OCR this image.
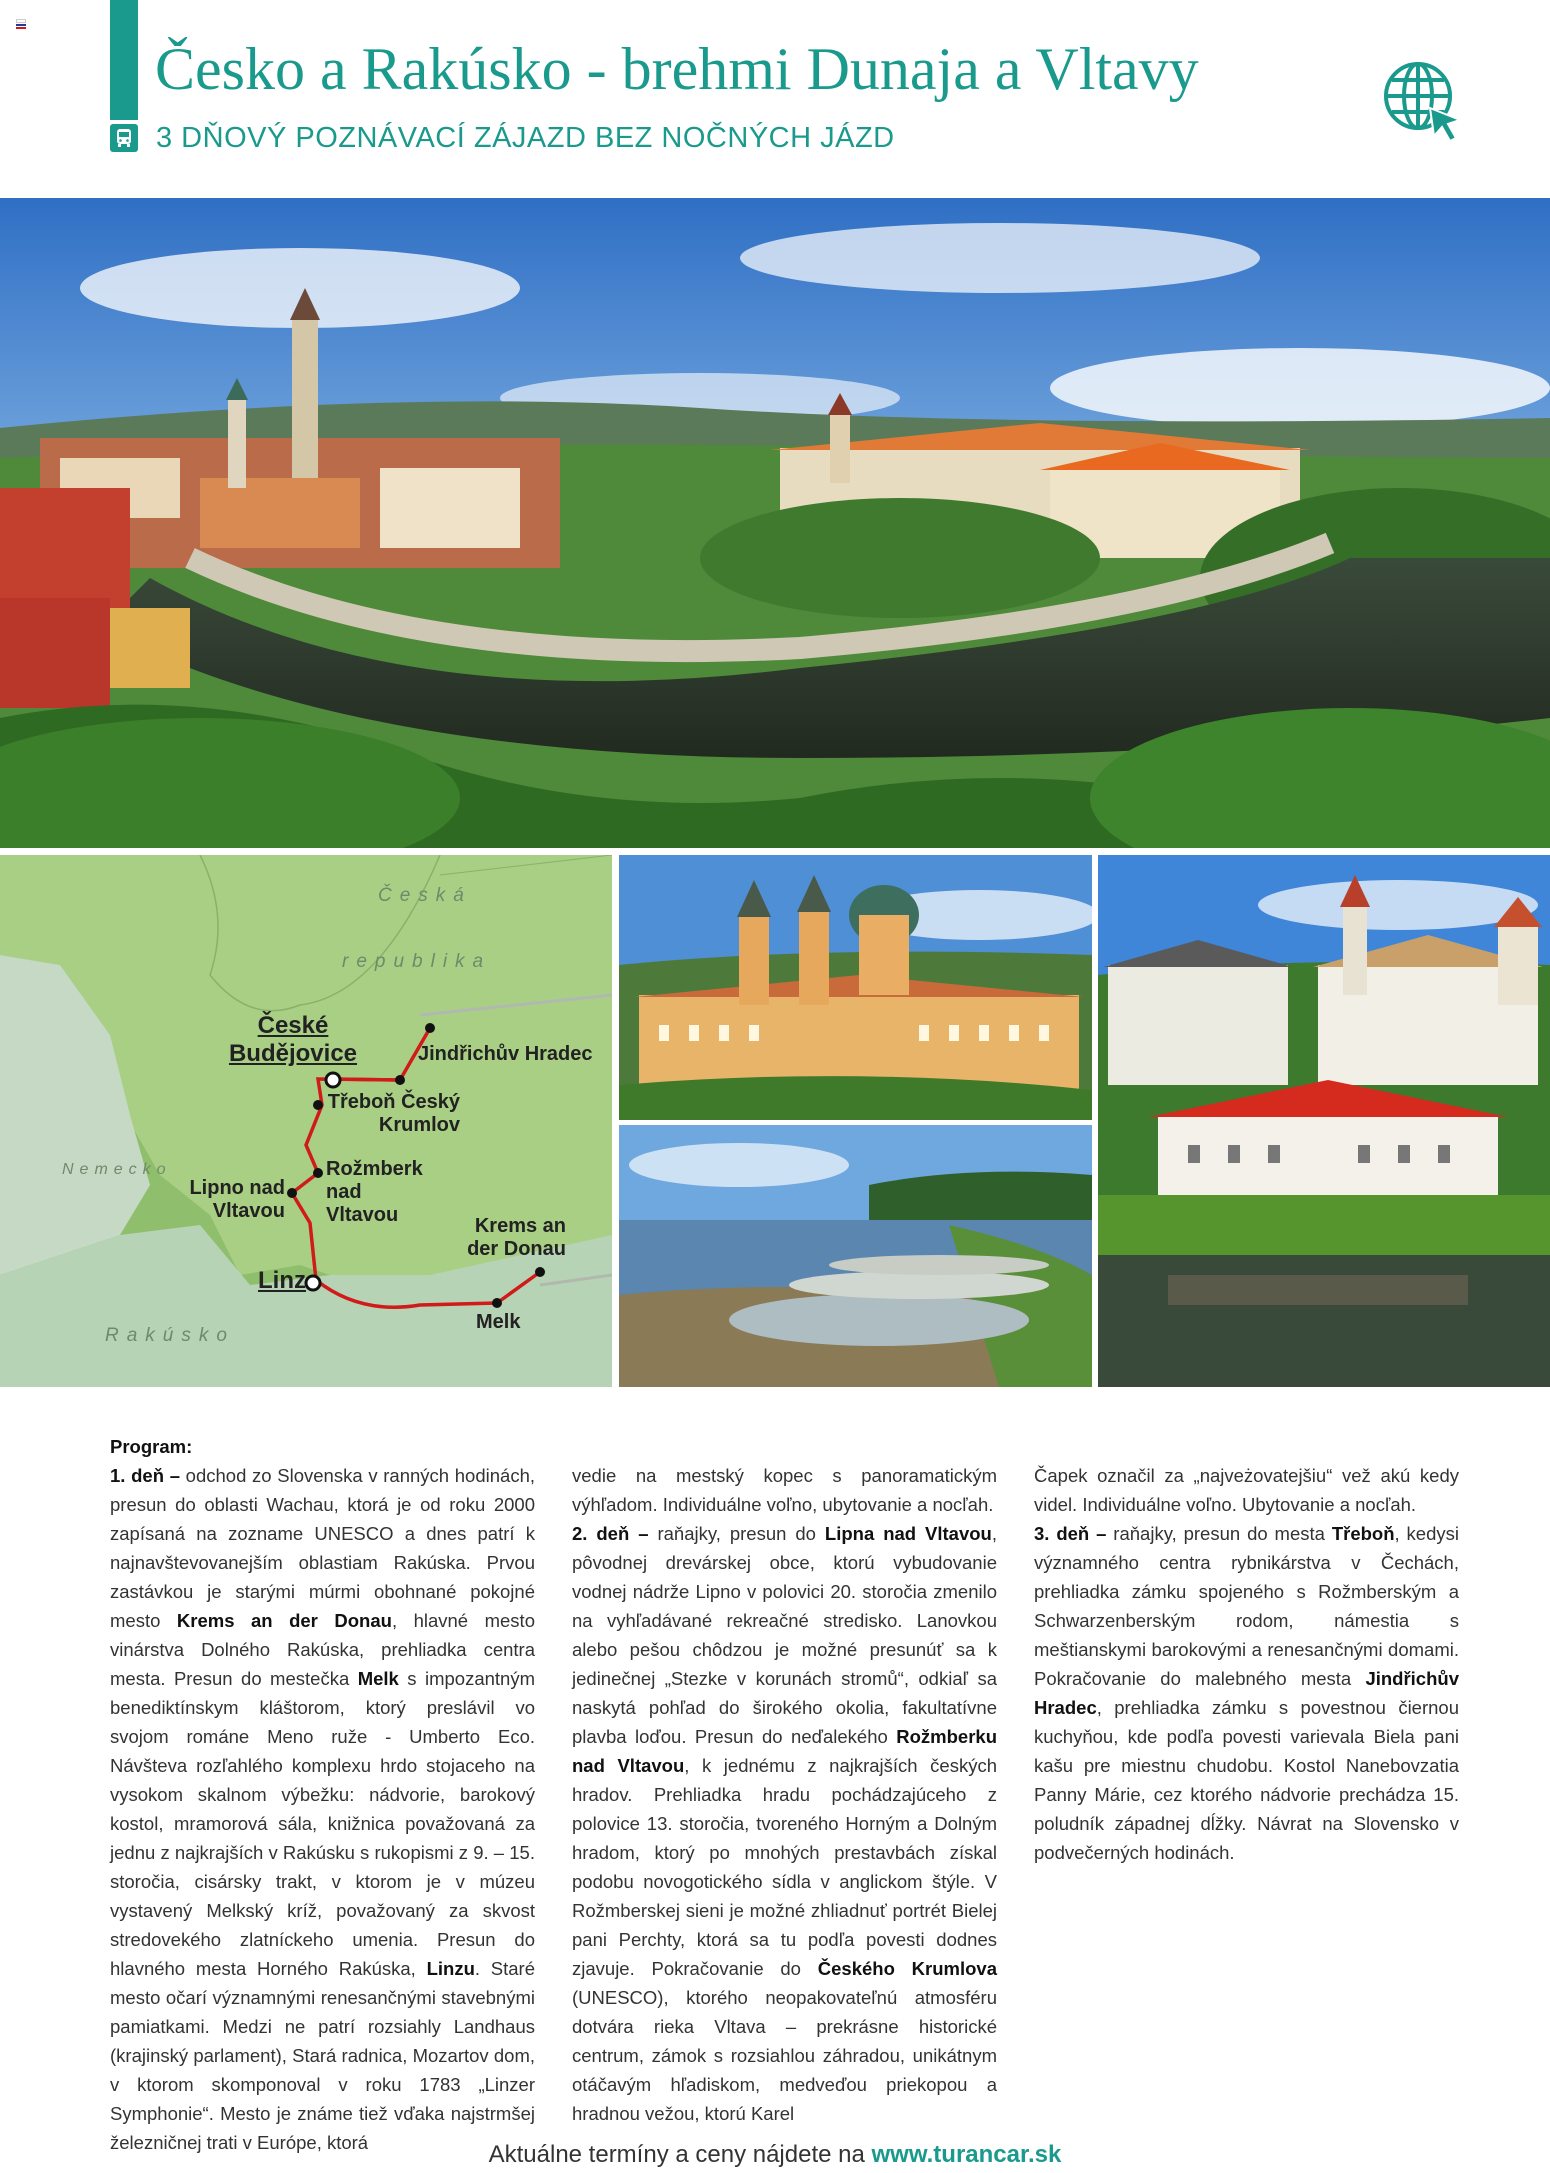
Česko a Rakúsko - brehmi Dunaja a Vltavy
3 DŇOVÝ POZNÁVACÍ ZÁJAZD BEZ NOČNÝCH JÁZD
Česká
republika
Nemecko
Rakúsko
České Budějovice	Jindřichův Hradec
Třeboň Český Krumlov
Rožmberk nad Vltavou
Lipno nad Vltavou
Krems an der Donau
Linz
Melk

Program:

1. deň – odchod zo Slovenska v ranných hodinách, presun do oblasti Wachau, ktorá je od roku 2000 zapísaná na zozname UNESCO a dnes patrí k najnavštevovanejším oblastiam Rakúska. Prvou zastávkou je starými múrmi obohnané pokojné mesto Krems an der Donau, hlavné mesto vinárstva Dolného Rakúska, prehliadka centra mesta. Presun do mestečka Melk s impozantným benediktínskym kláštorom, ktorý preslávil vo svojom románe Meno ruže - Umberto Eco. Návšteva rozľahlého komplexu hrdo stojaceho na vysokom skalnom výbežku: nádvorie, barokový kostol, mramorová sála, knižnica považovaná za jednu z najkrajších v Rakúsku s rukopismi z 9. – 15. storočia, cisársky trakt, v ktorom je v múzeu vystavený Melkský kríž, považovaný za skvost stredovekého zlatníckeho umenia. Presun do hlavného mesta Horného Rakúska, Linzu. Staré mesto očarí významnými renesančnými stavebnými pamiatkami. Medzi ne patrí rozsiahly Landhaus (krajinský parlament), Stará radnica, Mozartov dom, v ktorom skomponoval v roku 1783 „Linzer Symphonie“. Mesto je známe tiež vďaka najstrmšej železničnej trati v Európe, ktorá

vedie na mestský kopec s panoramatickým výhľadom. Individuálne voľno, ubytovanie a nocľah.

2. deň – raňajky, presun do Lipna nad Vltavou, pôvodnej drevárskej obce, ktorú vybudovanie vodnej nádrže Lipno v polovici 20. storočia zmenilo na vyhľadávané rekreačné stredisko. Lanovkou alebo pešou chôdzou je možné presunúť sa k jedinečnej „Stezke v korunách stromů“, odkiaľ sa naskytá pohľad do širokého okolia, fakultatívne plavba loďou. Presun do neďalekého Rožmberku nad Vltavou, k jednému z najkrajších českých hradov. Prehliadka hradu pochádzajúceho z polovice 13. storočia, tvoreného Horným a Dolným hradom, ktorý po mnohých prestavbách získal podobu novogotického sídla v anglickom štýle. V Rožmberskej sieni je možné zhliadnuť portrét Bielej pani Perchty, ktorá sa tu podľa povesti dodnes zjavuje. Pokračovanie do Českého Krumlova (UNESCO), ktorého neopakovateľnú atmosféru dotvára rieka Vltava – prekrásne historické centrum, zámok s rozsiahlou záhradou, unikátnym otáčavým hľadiskom, medveďou priekopou a hradnou vežou, ktorú Karel

Čapek označil za „najveżovatejšiu“ vež akú kedy videl. Individuálne voľno. Ubytovanie a nocľah.

3. deň – raňajky, presun do mesta Třeboň, kedysi významného centra rybnikárstva v Čechách, prehliadka zámku spojeného s Rožmberským a Schwarzenberským rodom, námestia s meštianskymi barokovými a renesančnými domami. Pokračovanie do malebného mesta Jindřichův Hradec, prehliadka zámku s povestnou čiernou kuchyňou, kde podľa povesti varievala Biela pani kašu pre miestnu chudobu. Kostol Nanebovzatia Panny Márie, cez ktorého nádvorie prechádza 15. poludník západnej dĺžky. Návrat na Slovensko v podvečerných hodinách.

Aktuálne termíny a ceny nájdete na www.turancar.sk
